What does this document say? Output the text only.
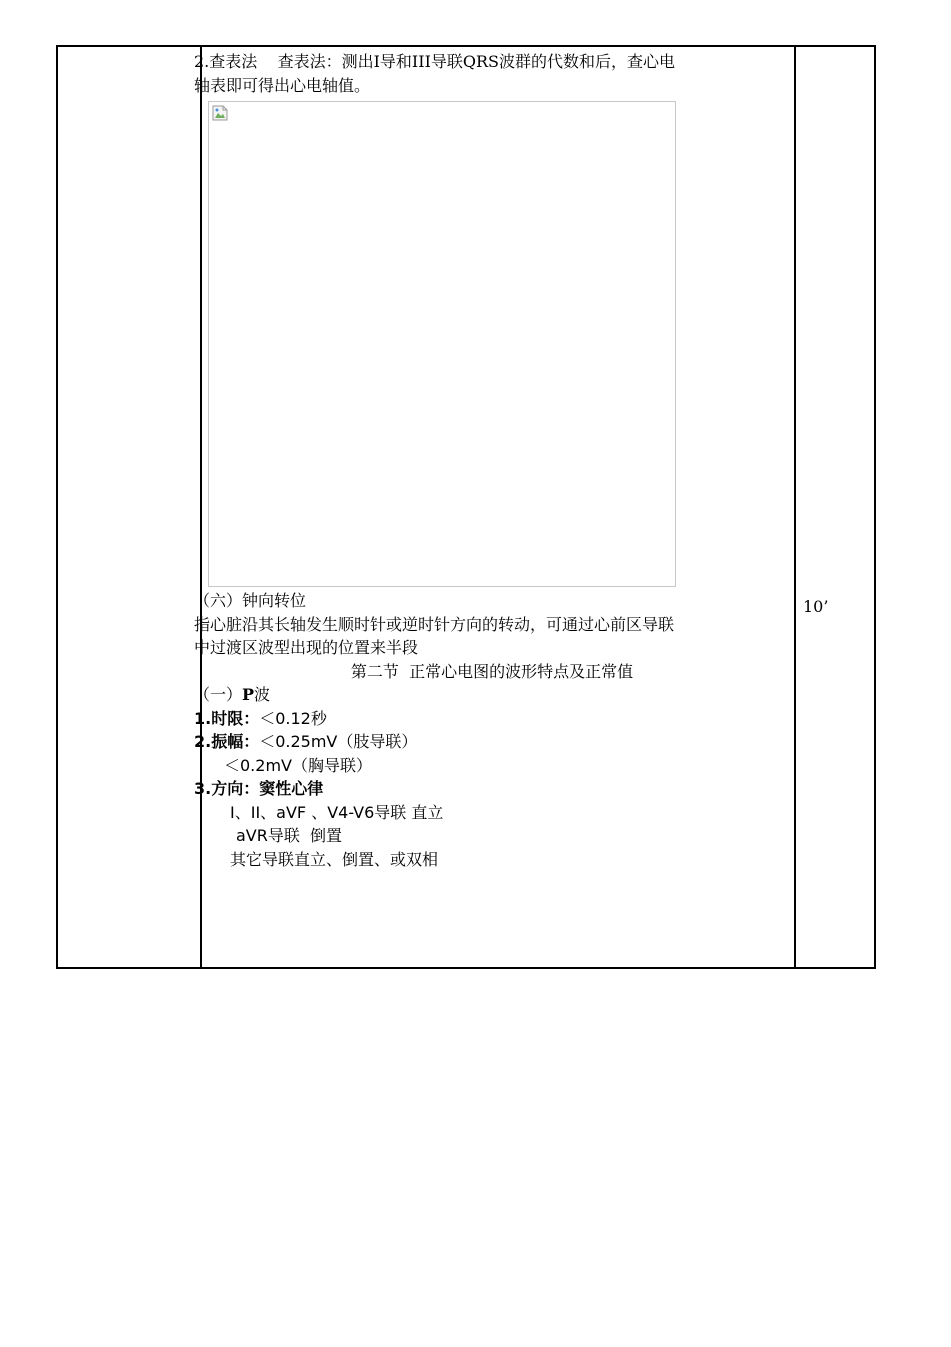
2.查表法    查表法：测出I导和III导联QRS波群的代数和后，查心电

轴表即可得出心电轴值。

（六）钟向转位

指心脏沿其长轴发生顺时针或逆时针方向的转动，可通过心前区导联

中过渡区波型出现的位置来半段

第二节  正常心电图的波形特点及正常值

（一）P波

1.时限：＜0.12秒

2.振幅：＜0.25mV（肢导联）

＜0.2mV（胸导联）

3.方向：窦性心律

I、II、aVF 、V4-V6导联 直立

aVR导联  倒置

其它导联直立、倒置、或双相

10’
